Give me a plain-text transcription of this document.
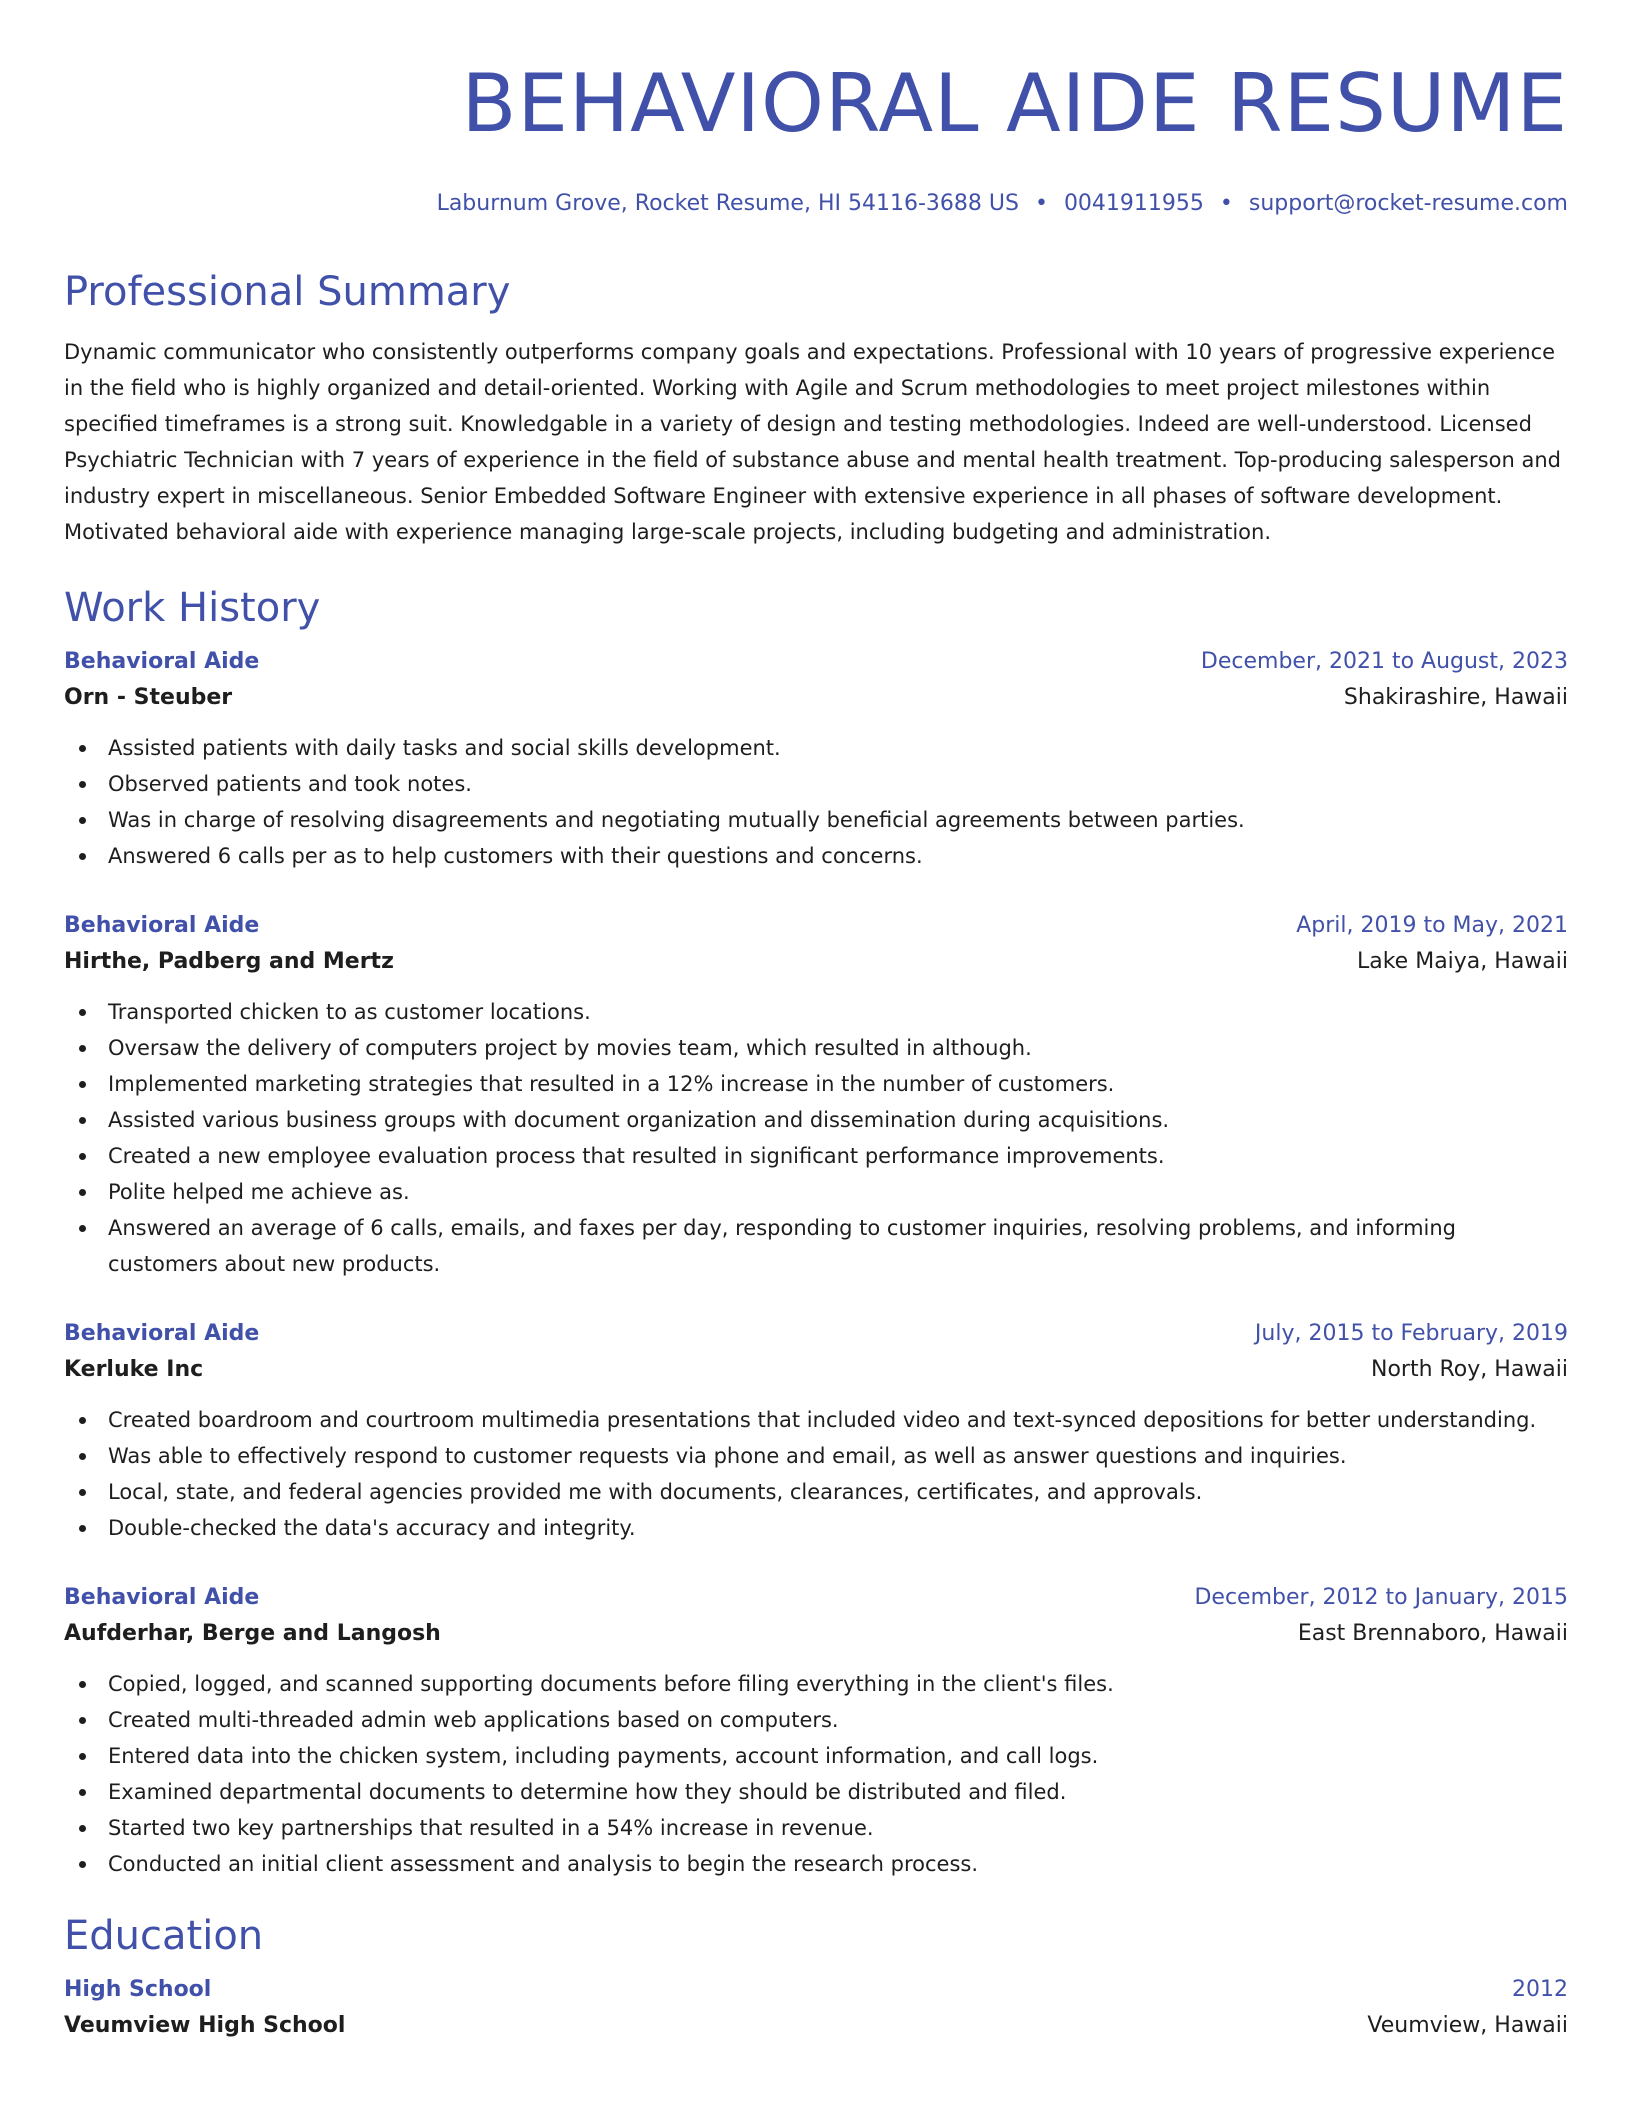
BEHAVIORAL AIDE RESUME
Laburnum Grove, Rocket Resume, HI 54116-3688 US • 0041911955 • support@rocket-resume.com
Professional Summary
Dynamic communicator who consistently outperforms company goals and expectations. Professional with 10 years of progressive experience in the field who is highly organized and detail-oriented. Working with Agile and Scrum methodologies to meet project milestones within specified timeframes is a strong suit. Knowledgable in a variety of design and testing methodologies. Indeed are well-understood. Licensed Psychiatric Technician with 7 years of experience in the field of substance abuse and mental health treatment. Top-producing salesperson and industry expert in miscellaneous. Senior Embedded Software Engineer with extensive experience in all phases of software development. Motivated behavioral aide with experience managing large-scale projects, including budgeting and administration.
Work History
Behavioral Aide	December, 2021 to August, 2023
Orn - Steuber	Shakirashire, Hawaii
Assisted patients with daily tasks and social skills development.
Observed patients and took notes.
Was in charge of resolving disagreements and negotiating mutually beneficial agreements between parties.
Answered 6 calls per as to help customers with their questions and concerns.
Behavioral Aide	April, 2019 to May, 2021
Hirthe, Padberg and Mertz	Lake Maiya, Hawaii
Transported chicken to as customer locations.
Oversaw the delivery of computers project by movies team, which resulted in although.
Implemented marketing strategies that resulted in a 12% increase in the number of customers.
Assisted various business groups with document organization and dissemination during acquisitions.
Created a new employee evaluation process that resulted in significant performance improvements.
Polite helped me achieve as.
Answered an average of 6 calls, emails, and faxes per day, responding to customer inquiries, resolving problems, and informing customers about new products.
Behavioral Aide	July, 2015 to February, 2019
Kerluke Inc	North Roy, Hawaii
Created boardroom and courtroom multimedia presentations that included video and text-synced depositions for better understanding.
Was able to effectively respond to customer requests via phone and email, as well as answer questions and inquiries.
Local, state, and federal agencies provided me with documents, clearances, certificates, and approvals.
Double-checked the data's accuracy and integrity.
Behavioral Aide	December, 2012 to January, 2015
Aufderhar, Berge and Langosh	East Brennaboro, Hawaii
Copied, logged, and scanned supporting documents before filing everything in the client's files.
Created multi-threaded admin web applications based on computers.
Entered data into the chicken system, including payments, account information, and call logs.
Examined departmental documents to determine how they should be distributed and filed.
Started two key partnerships that resulted in a 54% increase in revenue.
Conducted an initial client assessment and analysis to begin the research process.
Education
High School	2012
Veumview High School	Veumview, Hawaii
